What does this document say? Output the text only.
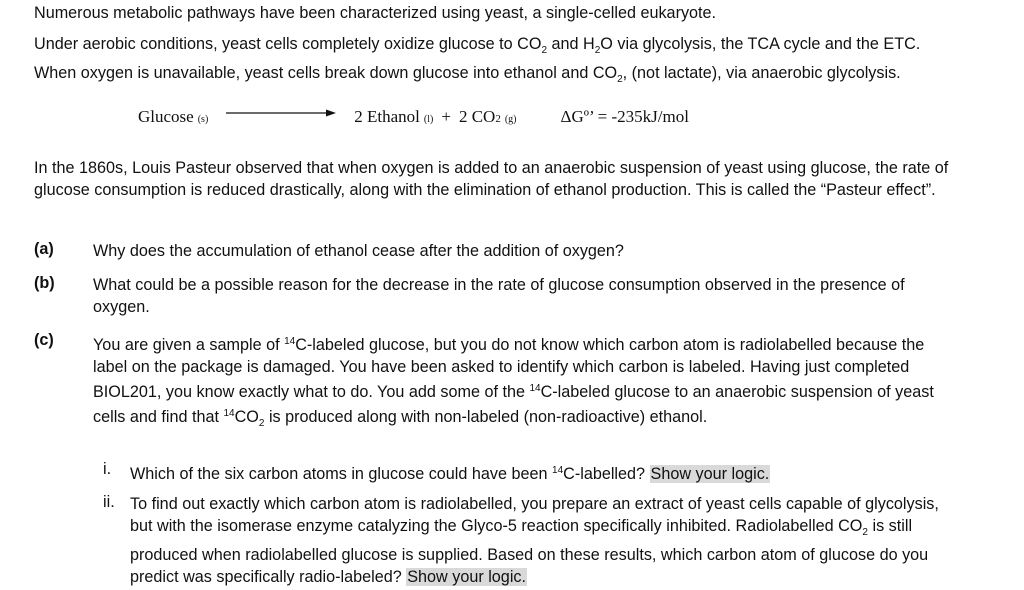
Numerous metabolic pathways have been characterized using yeast, a single-celled eukaryote.

Under aerobic conditions, yeast cells completely oxidize glucose to $CO_2$ and $H_2O$ via glycolysis, the TCA cycle and the ETC. When oxygen is unavailable, yeast cells break down glucose into ethanol and $CO_2$, (not lactate), via anaerobic glycolysis.

Glucose (s)	2 Ethanol (l) + 2 CO 2 (g)	ΔGº’ = -235kJ/mol

In the 1860s, Louis Pasteur observed that when oxygen is added to an anaerobic suspension of yeast using glucose, the rate of glucose consumption is reduced drastically, along with the elimination of ethanol production. This is called the “Pasteur effect”.

(a) Why does the accumulation of ethanol cease after the addition of oxygen?

(b) What could be a possible reason for the decrease in the rate of glucose consumption observed in the presence of oxygen.

(c) You are given a sample of $^{14}$C-labeled glucose, but you do not know which carbon atom is radiolabelled because the label on the package is damaged. You have been asked to identify which carbon is labeled. Having just completed BIOL201, you know exactly what to do. You add some of the $^{14}$C-labeled glucose to an anaerobic suspension of yeast cells and find that $^{14}CO_2$ is produced along with non-labeled (non-radioactive) ethanol.

i. Which of the six carbon atoms in glucose could have been $^{14}$C-labelled? Show your logic.

ii. To find out exactly which carbon atom is radiolabelled, you prepare an extract of yeast cells capable of glycolysis, but with the isomerase enzyme catalyzing the Glyco-5 reaction specifically inhibited. Radiolabelled $CO_2$ is still produced when radiolabelled glucose is supplied. Based on these results, which carbon atom of glucose do you predict was specifically radio-labeled? Show your logic.
